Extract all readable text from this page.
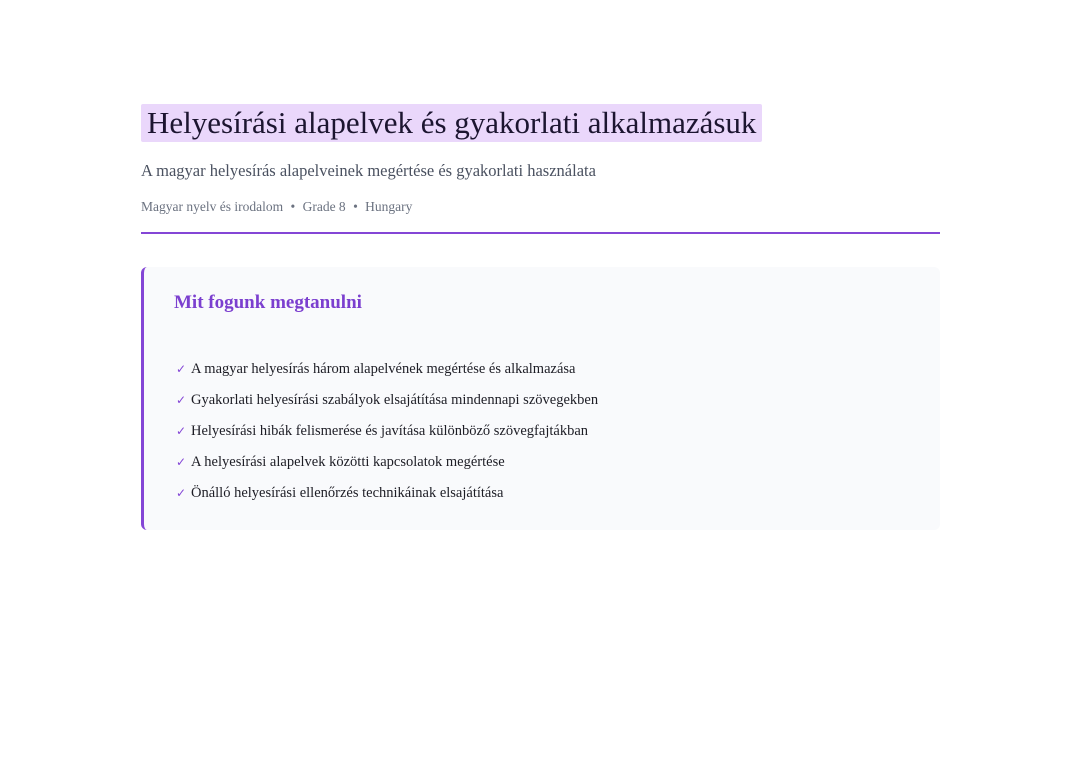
Helyesírási alapelvek és gyakorlati alkalmazásuk
A magyar helyesírás alapelveinek megértése és gyakorlati használata
Magyar nyelv és irodalom • Grade 8 • Hungary
Mit fogunk megtanulni
✓ A magyar helyesírás három alapelvének megértése és alkalmazása
✓ Gyakorlati helyesírási szabályok elsajátítása mindennapi szövegekben
✓ Helyesírási hibák felismerése és javítása különböző szövegfajtákban
✓ A helyesírási alapelvek közötti kapcsolatok megértése
✓ Önálló helyesírási ellenőrzés technikáinak elsajátítása
